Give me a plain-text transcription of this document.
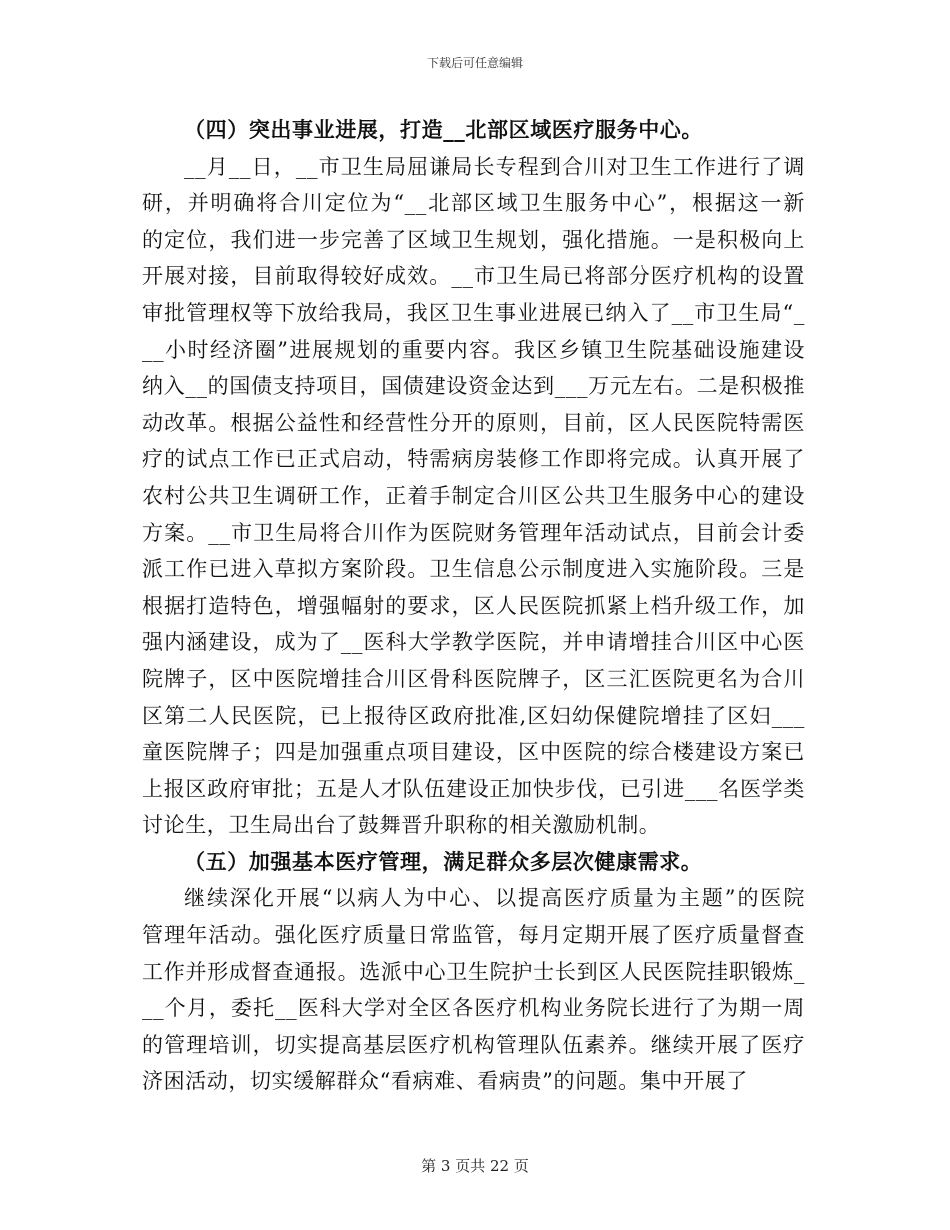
下载后可任意编辑
（四）突出事业进展，打造__北部区域医疗服务中心。
__月__日，__市卫生局屈谦局长专程到合川对卫生工作进行了调
研，并明确将合川定位为“__北部区域卫生服务中心”，根据这一新
的定位，我们进一步完善了区域卫生规划，强化措施。一是积极向上
开展对接，目前取得较好成效。__市卫生局已将部分医疗机构的设置
审批管理权等下放给我局，我区卫生事业进展已纳入了__市卫生局“_
__小时经济圈”进展规划的重要内容。我区乡镇卫生院基础设施建设
纳入__的国债支持项目，国债建设资金达到___万元左右。二是积极推
动改革。根据公益性和经营性分开的原则，目前，区人民医院特需医
疗的试点工作已正式启动，特需病房装修工作即将完成。认真开展了
农村公共卫生调研工作，正着手制定合川区公共卫生服务中心的建设
方案。__市卫生局将合川作为医院财务管理年活动试点，目前会计委
派工作已进入草拟方案阶段。卫生信息公示制度进入实施阶段。三是
根据打造特色，增强幅射的要求，区人民医院抓紧上档升级工作，加
强内涵建设，成为了__医科大学教学医院，并申请增挂合川区中心医
院牌子，区中医院增挂合川区骨科医院牌子，区三汇医院更名为合川
区第二人民医院，已上报待区政府批准,区妇幼保健院增挂了区妇___
童医院牌子；四是加强重点项目建设，区中医院的综合楼建设方案已
上报区政府审批；五是人才队伍建设正加快步伐，已引进___名医学类
讨论生，卫生局出台了鼓舞晋升职称的相关激励机制。
（五）加强基本医疗管理，满足群众多层次健康需求。
继续深化开展“以病人为中心、以提高医疗质量为主题”的医院
管理年活动。强化医疗质量日常监管，每月定期开展了医疗质量督查
工作并形成督查通报。选派中心卫生院护士长到区人民医院挂职锻炼_
__个月，委托__医科大学对全区各医疗机构业务院长进行了为期一周
的管理培训，切实提高基层医疗机构管理队伍素养。继续开展了医疗
济困活动，切实缓解群众“看病难、看病贵”的问题。集中开展了
第 3 页共 22 页
